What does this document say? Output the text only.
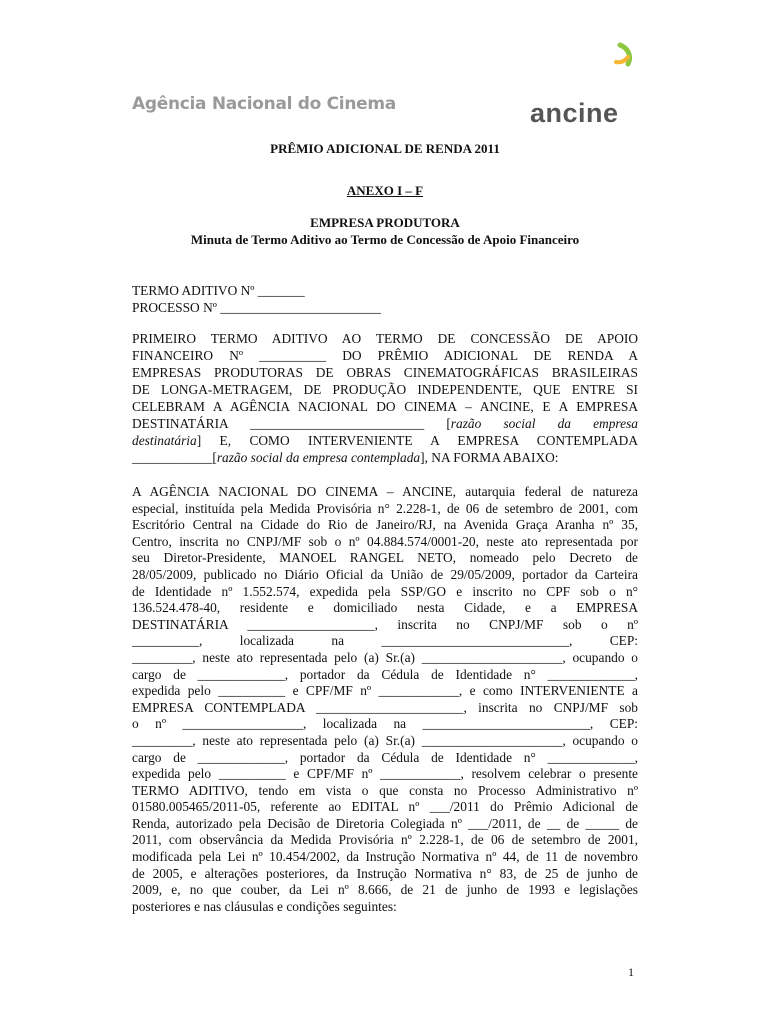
ancine
Agência Nacional do Cinema
PRÊMIO ADICIONAL DE RENDA 2011
ANEXO I – F
EMPRESA PRODUTORA
Minuta de Termo Aditivo ao Termo de Concessão de Apoio Financeiro
TERMO ADITIVO Nº _______
PROCESSO Nº ________________________
PRIMEIRO TERMO ADITIVO AO TERMO DE CONCESSÃO DE APOIO
FINANCEIRO Nº __________ DO PRÊMIO ADICIONAL DE RENDA A
EMPRESAS PRODUTORAS DE OBRAS CINEMATOGRÁFICAS BRASILEIRAS
DE LONGA-METRAGEM, DE PRODUÇÃO INDEPENDENTE, QUE ENTRE SI
CELEBRAM A AGÊNCIA NACIONAL DO CINEMA – ANCINE, E A EMPRESA
DESTINATÁRIA __________________________ [razão social da empresa
destinatária] E, COMO INTERVENIENTE A EMPRESA CONTEMPLADA
____________[razão social da empresa contemplada], NA FORMA ABAIXO:
A AGÊNCIA NACIONAL DO CINEMA – ANCINE, autarquia federal de natureza
especial, instituída pela Medida Provisória n° 2.228-1, de 06 de setembro de 2001, com
Escritório Central na Cidade do Rio de Janeiro/RJ, na Avenida Graça Aranha nº 35,
Centro, inscrita no CNPJ/MF sob o nº 04.884.574/0001-20, neste ato representada por
seu Diretor-Presidente, MANOEL RANGEL NETO, nomeado pelo Decreto de
28/05/2009, publicado no Diário Oficial da União de 29/05/2009, portador da Carteira
de Identidade nº 1.552.574, expedida pela SSP/GO e inscrito no CPF sob o n°
136.524.478-40, residente e domiciliado nesta Cidade, e a EMPRESA
DESTINATÁRIA ___________________, inscrita no CNPJ/MF sob o nº
__________, localizada na ____________________________, CEP:
_________, neste ato representada pelo (a) Sr.(a) _____________________, ocupando o
cargo de _____________, portador da Cédula de Identidade n° _____________,
expedida pelo __________ e CPF/MF nº ____________, e como INTERVENIENTE a
EMPRESA CONTEMPLADA ______________________, inscrita no CNPJ/MF sob
o nº __________________, localizada na _________________________, CEP:
_________, neste ato representada pelo (a) Sr.(a) _____________________, ocupando o
cargo de _____________, portador da Cédula de Identidade n° _____________,
expedida pelo __________ e CPF/MF nº ____________, resolvem celebrar o presente
TERMO ADITIVO, tendo em vista o que consta no Processo Administrativo nº
01580.005465/2011-05, referente ao EDITAL nº ___/2011 do Prêmio Adicional de
Renda, autorizado pela Decisão de Diretoria Colegiada nº ___/2011, de __ de _____ de
2011, com observância da Medida Provisória nº 2.228-1, de 06 de setembro de 2001,
modificada pela Lei nº 10.454/2002, da Instrução Normativa nº 44, de 11 de novembro
de 2005, e alterações posteriores, da Instrução Normativa n° 83, de 25 de junho de
2009, e, no que couber, da Lei nº 8.666, de 21 de junho de 1993 e legislações
posteriores e nas cláusulas e condições seguintes:
1
